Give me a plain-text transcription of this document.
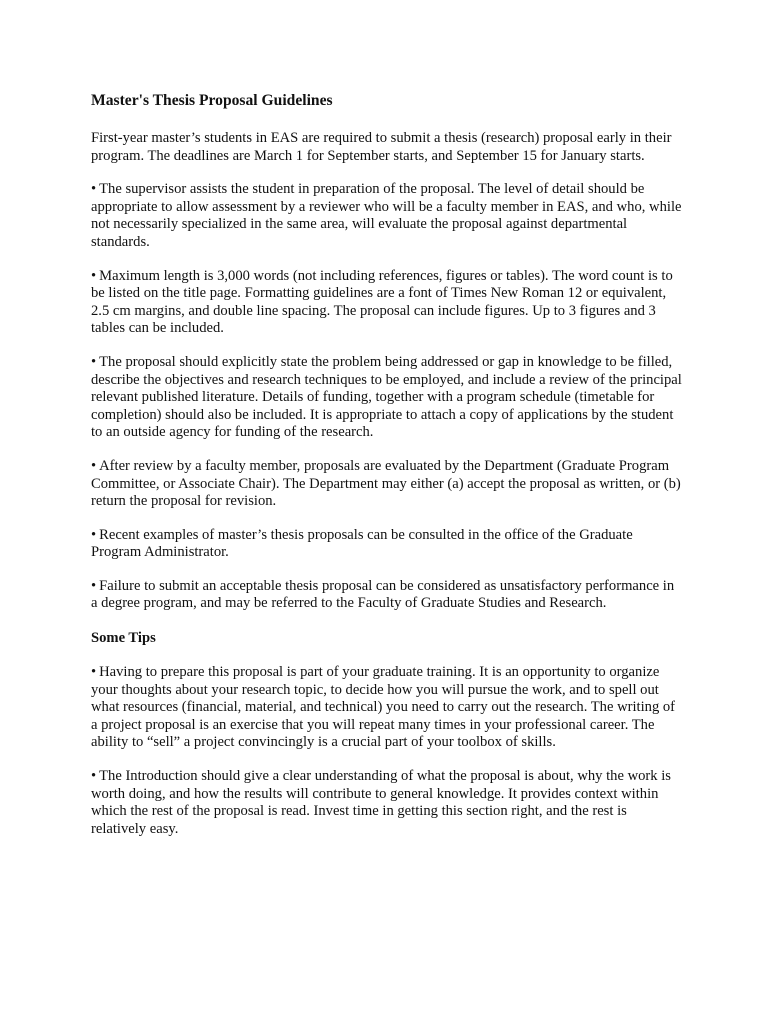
Master's Thesis Proposal Guidelines

First-year master’s students in EAS are required to submit a thesis (research) proposal early in their program. The deadlines are March 1 for September starts, and September 15 for January starts.

• The supervisor assists the student in preparation of the proposal. The level of detail should be appropriate to allow assessment by a reviewer who will be a faculty member in EAS, and who, while not necessarily specialized in the same area, will evaluate the proposal against departmental standards.

• Maximum length is 3,000 words (not including references, figures or tables). The word count is to be listed on the title page. Formatting guidelines are a font of Times New Roman 12 or equivalent, 2.5 cm margins, and double line spacing. The proposal can include figures. Up to 3 figures and 3 tables can be included.

• The proposal should explicitly state the problem being addressed or gap in knowledge to be filled, describe the objectives and research techniques to be employed, and include a review of the principal relevant published literature. Details of funding, together with a program schedule (timetable for completion) should also be included. It is appropriate to attach a copy of applications by the student to an outside agency for funding of the research.

• After review by a faculty member, proposals are evaluated by the Department (Graduate Program Committee, or Associate Chair). The Department may either (a) accept the proposal as written, or (b) return the proposal for revision.

• Recent examples of master’s thesis proposals can be consulted in the office of the Graduate Program Administrator.

• Failure to submit an acceptable thesis proposal can be considered as unsatisfactory performance in a degree program, and may be referred to the Faculty of Graduate Studies and Research.

Some Tips

• Having to prepare this proposal is part of your graduate training. It is an opportunity to organize your thoughts about your research topic, to decide how you will pursue the work, and to spell out what resources (financial, material, and technical) you need to carry out the research. The writing of a project proposal is an exercise that you will repeat many times in your professional career. The ability to “sell” a project convincingly is a crucial part of your toolbox of skills.

• The Introduction should give a clear understanding of what the proposal is about, why the work is worth doing, and how the results will contribute to general knowledge. It provides context within which the rest of the proposal is read. Invest time in getting this section right, and the rest is relatively easy.
